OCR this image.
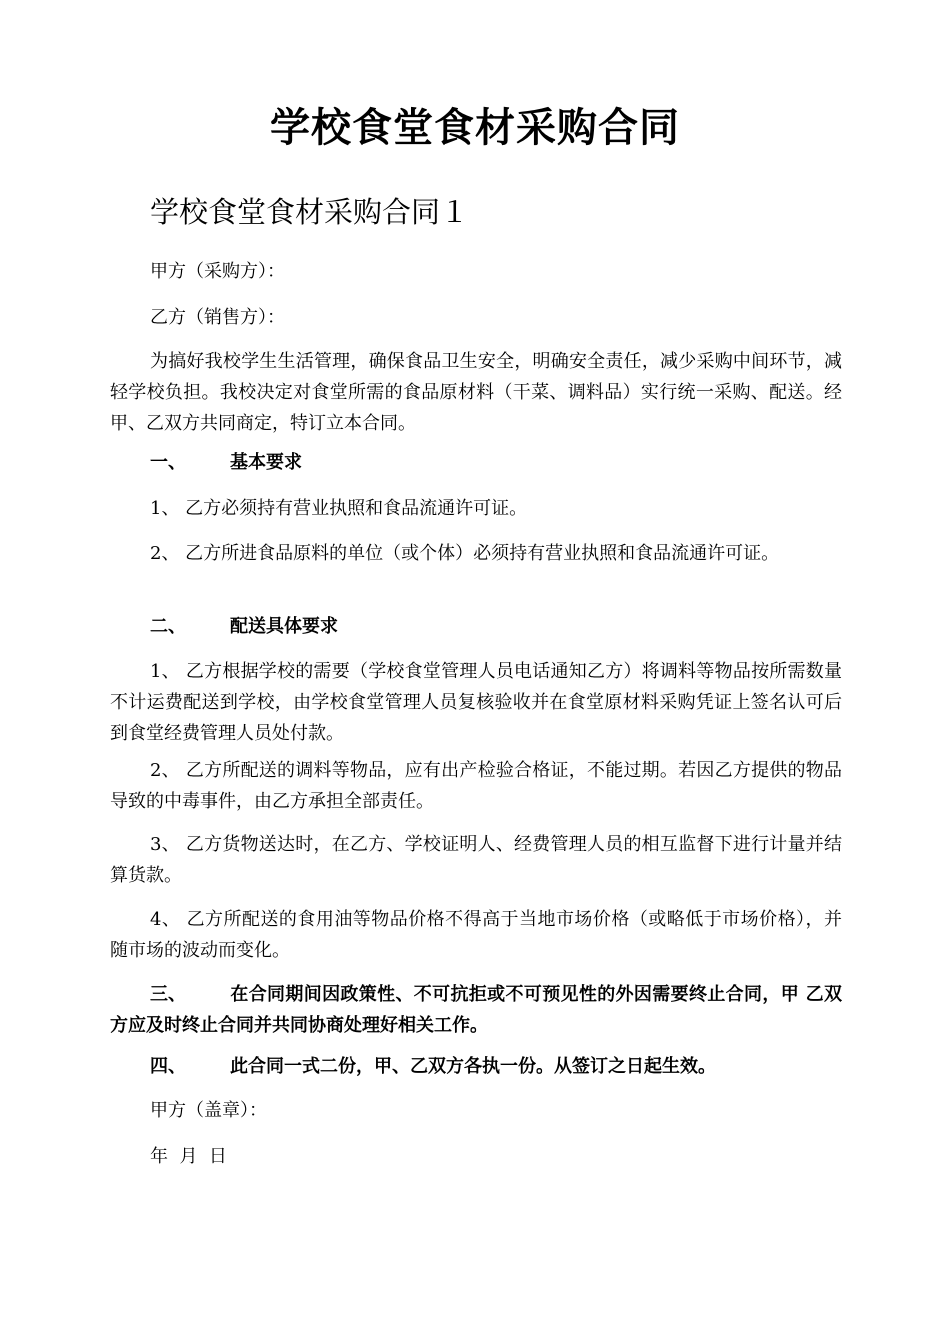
学校食堂食材采购合同
学校食堂食材采购合同１
甲方（采购方）：
乙方（销售方）：
为搞好我校学生生活管理，确保食品卫生安全，明确安全责任，减少采购中间环节，减轻学校负担。我校决定对食堂所需的食品原材料（干菜、调料品）实行统一采购、配送。经甲、乙双方共同商定，特订立本合同。
一、 基本要求
1、 乙方必须持有营业执照和食品流通许可证。
2、 乙方所进食品原料的单位（或个体）必须持有营业执照和食品流通许可证。
二、 配送具体要求
1、 乙方根据学校的需要（学校食堂管理人员电话通知乙方）将调料等物品按所需数量不计运费配送到学校，由学校食堂管理人员复核验收并在食堂原材料采购凭证上签名认可后到食堂经费管理人员处付款。
2、 乙方所配送的调料等物品，应有出产检验合格证，不能过期。若因乙方提供的物品导致的中毒事件，由乙方承担全部责任。
3、 乙方货物送达时，在乙方、学校证明人、经费管理人员的相互监督下进行计量并结算货款。
4、 乙方所配送的食用油等物品价格不得高于当地市场价格（或略低于市场价格），并随市场的波动而变化。
三、 在合同期间因政策性、不可抗拒或不可预见性的外因需要终止合同，甲 乙双方应及时终止合同并共同协商处理好相关工作。
四、 此合同一式二份，甲、乙双方各执一份。从签订之日起生效。
甲方（盖章）：
年  月  日
